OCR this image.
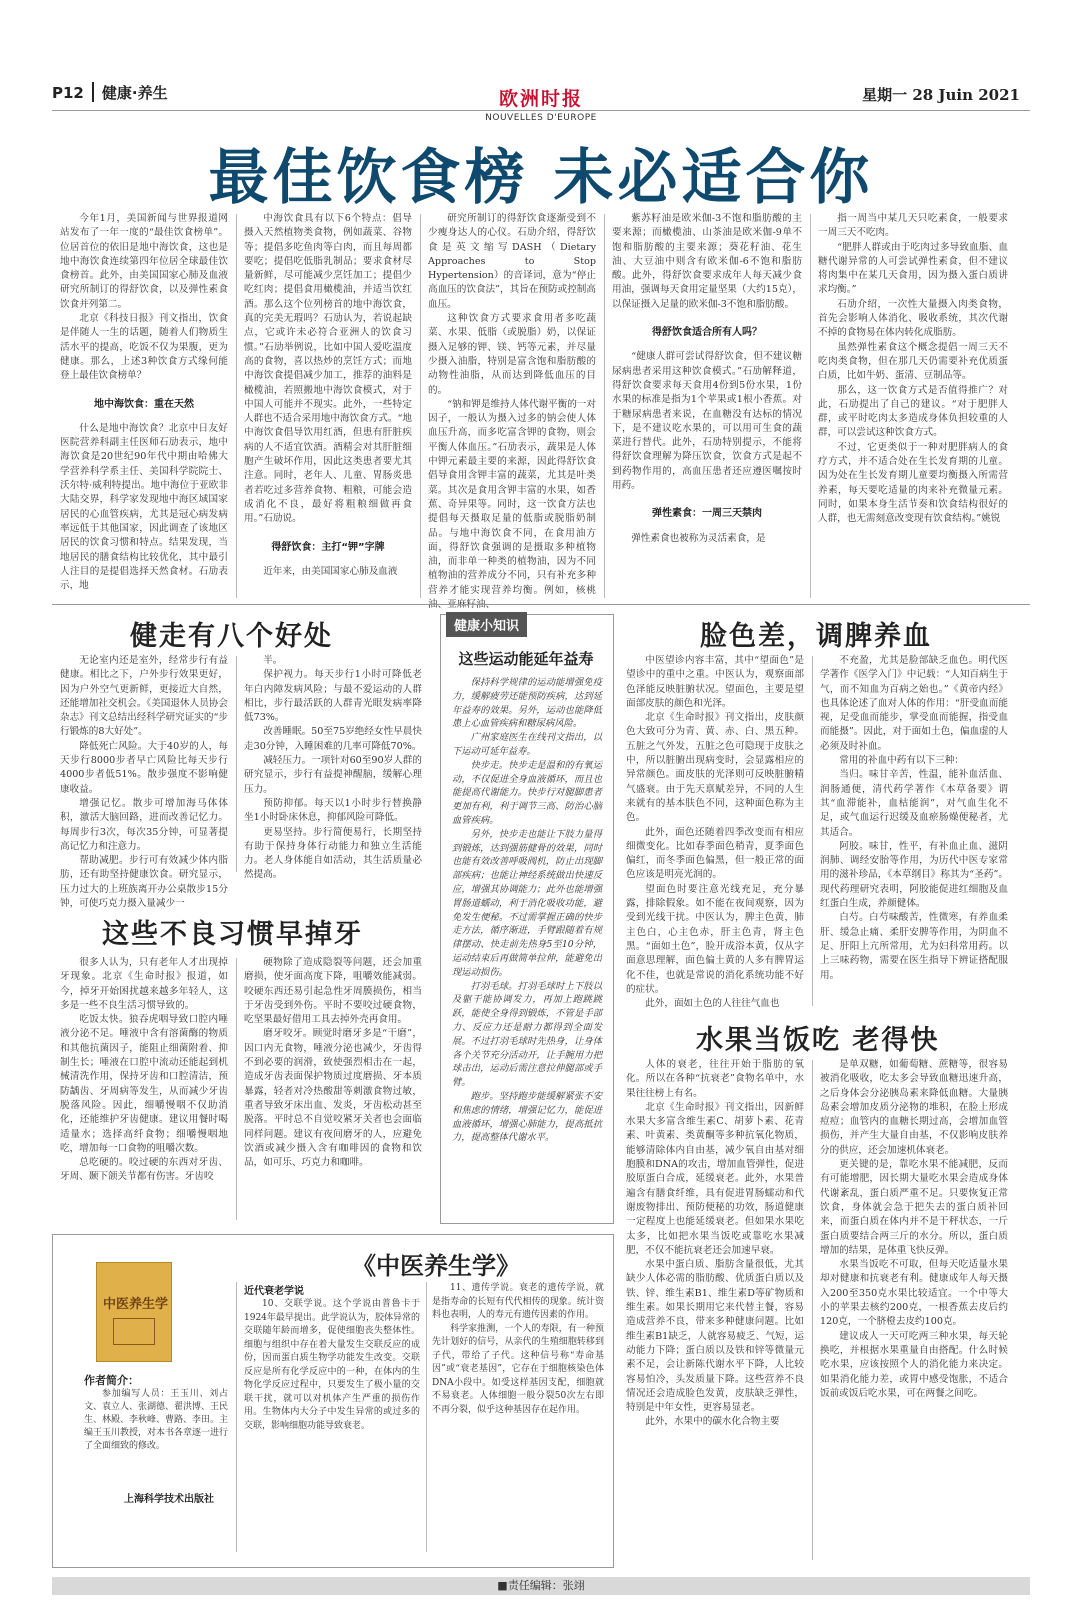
P12 健康·养生	欧洲时报
NOUVELLES D'EUROPE
星期一 28 Juin 2021
最佳饮食榜 未必适合你

今年1月，美国新闻与世界报道网站发布了一年一度的“最佳饮食榜单”。位居首位的依旧是地中海饮食，这也是地中海饮食连续第四年位居全球最佳饮食榜首。此外，由美国国家心肺及血液研究所制订的得舒饮食，以及弹性素食饮食并列第二。

北京《科技日报》刊文指出，饮食是伴随人一生的话题，随着人们物质生活水平的提高，吃饭不仅为果腹，更为健康。那么，上述3种饮食方式缘何能登上最佳饮食榜单？

地中海饮食：重在天然

什么是地中海饮食？北京中日友好医院营养科副主任医师石劢表示，地中海饮食是20世纪90年代中期由哈佛大学营养科学系主任、美国科学院院士、沃尔特·威利特提出。地中海位于亚欧非大陆交界，科学家发现地中海区域国家居民的心血管疾病，尤其是冠心病发病率远低于其他国家，因此调查了该地区居民的饮食习惯和特点。结果发现，当地居民的膳食结构比较优化，其中最引人注目的是提倡选择天然食材。石劢表示，地

中海饮食具有以下6个特点：倡导摄入天然植物类食物，例如蔬菜、谷物等；提倡多吃鱼肉等白肉，而且每周都要吃；提倡吃低脂乳制品；要求食材尽量新鲜，尽可能减少烹饪加工；提倡少吃红肉；提倡食用橄榄油，并适当饮红酒。那么这个位列榜首的地中海饮食，真的完美无瑕吗？石劢认为，若说起缺点，它或许未必符合亚洲人的饮食习惯。”石劢举例说，比如中国人爱吃温度高的食物，喜以热炒的烹饪方式；而地中海饮食提倡减少加工，推荐的油料是橄榄油，若照搬地中海饮食模式，对于中国人可能并不现实。此外，一些特定人群也不适合采用地中海饮食方式。“地中海饮食倡导饮用红酒，但患有肝脏疾病的人不适宜饮酒。酒精会对其肝脏细胞产生破坏作用，因此这类患者要尤其注意。同时，老年人、儿童、胃肠炎患者若吃过多营养食物、粗粮，可能会造成消化不良，最好将粗粮细做再食用。”石劢说。

得舒饮食：主打“钾”字牌

近年来，由美国国家心肺及血液

研究所制订的得舒饮食逐渐受到不少瘦身达人的心仪。石劢介绍，得舒饮食是英文缩写DASH（Dietary Approaches to Stop Hypertension）的音译词，意为“停止高血压的饮食法”，其旨在预防或控制高血压。

这种饮食方式要求食用者多吃蔬菜、水果、低脂（或脱脂）奶，以保证摄入足够的钾、镁、钙等元素，并尽量少摄入油脂，特别是富含饱和脂肪酸的动物性油脂，从而达到降低血压的目的。

“钠和钾是维持人体代谢平衡的一对因子，一般认为摄入过多的钠会使人体血压升高，而多吃富含钾的食物，则会平衡人体血压。”石劢表示，蔬果是人体中钾元素最主要的来源，因此得舒饮食倡导食用含钾丰富的蔬菜，尤其是叶类菜。其次是食用含钾丰富的水果，如香蕉、奇异果等。同时，这一饮食方法也提倡每天摄取足量的低脂或脱脂奶制品。与地中海饮食不同，在食用油方面，得舒饮食强调的是摄取多种植物油，而非单一种类的植物油，因为不同植物油的营养成分不同，只有补充多种营养才能实现营养均衡。例如，核桃

紫苏籽油是欧米伽-3不饱和脂肪酸的主要来源；而橄榄油、山茶油是欧米伽-9单不饱和脂肪酸的主要来源；葵花籽油、花生油、大豆油中则含有欧米伽-6不饱和脂肪酸。此外，得舒饮食要求成年人每天减少食用油，强调每天食用定量坚果（大约15克），以保证摄入足量的欧米伽-3不饱和脂肪酸。

得舒饮食适合所有人吗？

“健康人群可尝试得舒饮食，但不建议糖尿病患者采用这种饮食模式。”石劢解释道，得舒饮食要求每天食用4份到5份水果，1份水果的标准是指为1个苹果或1根小香蕉。对于糖尿病患者来说，在血糖没有达标的情况下，是不建议吃水果的，可以用可生食的蔬菜进行替代。此外，石劢特别提示，不能将得舒饮食理解为降压饮食，饮食方式是起不到药物作用的，高血压患者还应遵医嘱按时用药。

弹性素食：一周三天禁肉

弹性素食也被称为灵活素食，是

指一周当中某几天只吃素食，一般要求一周三天不吃肉。

“肥胖人群或由于吃肉过多导致血脂、血糖代谢异常的人可尝试弹性素食，但不建议将肉集中在某几天食用，因为摄入蛋白质讲求均衡。”

石劢介绍，一次性大量摄入肉类食物，首先会影响人体消化、吸收系统，其次代谢不掉的食物易在体内转化成脂肪。

虽然弹性素食这个概念提倡一周三天不吃肉类食物，但在那几天仍需要补充优质蛋白质，比如牛奶、蛋清、豆制品等。

那么，这一饮食方式是否值得推广？对此，石劢提出了自己的建议。“对于肥胖人群，或平时吃肉太多造成身体负担较重的人群，可以尝试这种饮食方式。

不过，它更类似于一种对肥胖病人的食疗方式，并不适合处在生长发育期的儿童。因为处在生长发育期儿童要均衡摄入所需营养素，每天要吃适量的肉来补充微量元素。同时，如果本身生活节奏和饮食结构很好的人群，也无需刻意改变现有饮食结构。”姚锐

健走有八个好处

无论室内还是室外，经常步行有益健康。相比之下，户外步行效果更好，因为户外空气更新鲜，更接近大自然，还能增加社交机会。《美国退休人员协会杂志》刊文总结出经科学研究证实的“步行锻炼的8大好处”。

降低死亡风险。大于40岁的人，每天步行8000步者早亡风险比每天步行4000步者低51%。散步强度不影响健康收益。

增强记忆。散步可增加海马体体积，激活大脑回路，进而改善记忆力。每周步行3次，每次35分钟，可显著提高记忆力和注意力。

帮助减肥。步行可有效减少体内脂肪，还有助坚持健康饮食。研究显示，压力过大的上班族离开办公桌散步15分钟，可使巧克力摄入量减少一

半。

保护视力。每天步行1小时可降低老年白内障发病风险；与最不爱运动的人群相比，步行最活跃的人群青光眼发病率降低73%。

改善睡眠。50至75岁绝经女性早晨快走30分钟，入睡困难的几率可降低70%。

减轻压力。一项针对60至90岁人群的研究显示，步行有益提神醒脑，缓解心理压力。

预防抑郁。每天以1小时步行替换静坐1小时卧床休息，抑郁风险可降低。

更易坚持。步行简便易行，长期坚持有助于保持身体行动能力和独立生活能力。老人身体能自如活动，其生活质量必然提高。

这些不良习惯早掉牙

很多人认为，只有老年人才出现掉牙现象。北京《生命时报》报道，如今，掉牙开始困扰越来越多年轻人，这多是一些不良生活习惯导致的。

吃饭太快。狼吞虎咽导致口腔内唾液分泌不足。唾液中含有溶菌酶的物质和其他抗菌因子，能阻止细菌附着、抑制生长；唾液在口腔中流动还能起到机械清洗作用，保持牙齿和口腔清洁，预防龋齿、牙周病等发生，从而减少牙齿脱落风险。因此，细嚼慢咽不仅助消化，还能维护牙齿健康。建议用餐时喝适量水；选择高纤食物；细嚼慢咽地吃，增加每一口食物的咀嚼次数。

总吃硬的。咬过硬的东西对牙齿、牙周、颞下颌关节都有伤害。牙齿咬

硬物除了造成隐裂等问题，还会加重磨损，使牙面高度下降，咀嚼效能减弱。咬硬东西还易引起急性牙周膜损伤，相当于牙齿受到外伤。平时不要咬过硬食物，吃坚果最好借用工具去掉外壳再食用。

磨牙咬牙。顾觉时磨牙多是“干磨”，因口内无食物，唾液分泌也减少，牙齿得不到必要的润滑，致使强烈相击在一起，造成牙齿表面保护物质过度磨损、牙本质暴露，轻者对冷热酸甜等刺激食物过敏，重者导致牙床出血、发炎，牙齿松动甚至脱落。平时总不自觉咬紧牙关者也会面临同样问题。建议有夜间磨牙的人，应避免饮酒或减少摄入含有咖啡因的食物和饮品，如可乐、巧克力和咖啡。

健康小知识
这些运动能延年益寿

保持科学规律的运动能增强免疫力，缓解疲劳还能预防疾病，达到延年益寿的效果。另外，运动也能降低患上心血管疾病和糖尿病风险。

广州家庭医生在线刊文指出，以下运动可延年益寿。

快步走。快步走是温和的有氧运动，不仅促进全身血液循环，而且也能提高代谢能力。快步行对腿脚患者更加有利，利于调节三高、防治心脑血管疾病。

另外，快步走也能让下肢力量得到锻炼，达到强筋健骨的效果，同时也能有效改善呼吸阀机，防止出现脚部疾病；也能让神经系统做出快速反应，增强其协调能力；此外也能增强胃肠道蠕动，利于消化吸收功能，避免发生便秘。不过需掌握正确的快步走方法，循序渐进，手臂跟随着有规律摆动、快走前先热身5至10分钟，运动结束后再做简单拉伸，能避免出现运动损伤。

打羽毛球。打羽毛球时上下肢以及躯干能协调发力，再加上跑跳跳跃，能使全身得到锻炼，不管是手部力、反应力还是耐力都得到全面发展。不过打羽毛球时先热身，让身体各个关节充分活动开，让手腕用力把球击出，运动后需注意拉伸腿部或手臂。

跑步。坚持跑步能缓解紧张不安和焦虑的情绪，增强记忆力，能促进血液循环，增强心肺能力，提高抵抗力，提高整体代谢水平。

脸色差，调脾养血

中医望诊内容丰富，其中“望面色”是望诊中的重中之重。中医认为，观察面部色泽能反映脏腑状况。望面色，主要是望面部皮肤的颜色和光泽。

北京《生命时报》刊文指出，皮肤颜色大致可分为青、黄、赤、白、黑五种。五脏之气外发，五脏之色可隐现于皮肤之中，所以脏腑出现病变时，会显露相应的异常颜色。面皮肤的光泽则可反映脏腑精气盛衰。由于先天禀赋差异，不同的人生来就有的基本肤色不同，这种面色称为主色。

此外，面色还随着四季改变而有相应细微变化。比如春季面色稍青，夏季面色偏红，而冬季面色偏黑，但一般正常的面色应该是明亮光润的。

望面色时要注意光线充足，充分暴露，排除假象。如不能在夜间观察，因为受到光线干扰。中医认为，脾主色黄，肺主色白，心主色赤，肝主色青，肾主色黑。“面如土色”，脸开成浴本黄，仅从字面意思理解，面色偏土黄的人多有脾胃运化不佳，也就是常说的消化系统功能不好的症状。

此外，面如土色的人往往气血也

不充盈，尤其是脸部缺乏血色。明代医学著作《医学入门》中记载：“人知百病生于气，而不知血为百病之始也。”《黄帝内经》也具体论述了血对人体的作用：“肝受血而能视，足受血而能步，掌受血而能握，指受血而能摄”。因此，对于面如土色，偏血虚的人必须及时补血。

常用的补血中药有以下三种：

当归。味甘辛苦，性温，能补血活血、润肠通便，清代药学著作《本草备要》谓其“血滞能补，血枯能润”，对气血生化不足，或气血运行迟缓及血瘀肠燥便秘者，尤其适合。

阿胶。味甘，性平，有补血止血、滋阴润肺、调经安胎等作用，为历代中医专家常用的滋补珍品，《本草纲目》称其为“圣药”。现代药理研究表明，阿胶能促进红细胞及血红蛋白生成，养颜健体。

白芍。白芍味酸苦，性微寒，有养血柔肝、缓急止痛、柔肝安脾等作用，为阴血不足、肝阳上亢所常用，尤为妇科常用药。以上三味药物，需要在医生指导下辨证搭配服用。

水果当饭吃 老得快

人体的衰老，往往开始于脂肪的氧化。所以在各种“抗衰老”食物名单中，水果往往榜上有名。

北京《生命时报》刊文指出，因新鲜水果大多富含维生素C、胡萝卜素、花青素、叶黄素、类黄酮等多种抗氧化物质，能够清除体内自由基，减少氧自由基对细胞膜和DNA的攻击，增加血管弹性，促进胶原蛋白合成，延缓衰老。此外，水果普遍含有膳食纤维，具有促进胃肠蠕动和代谢废物排出、预防便秘的功效，肠道健康一定程度上也能延缓衰老。但如果水果吃太多，比如把水果当饭吃或靠吃水果减肥，不仅不能抗衰老还会加速早衰。

水果中蛋白质、脂肪含量很低，尤其缺少人体必需的脂肪酸、优质蛋白质以及铁、锌、维生素B1、维生素D等矿物质和维生素。如果长期用它来代替主餐，容易造成营养不良，带来多种健康问题。比如维生素B1缺乏，人就容易疲乏、气短，运动能力下降；蛋白质以及铁和锌等微量元素不足，会让新陈代谢水平下降，人比较容易怕冷，头发质量下降。这些营养不良情况还会造成脸色发黄，皮肤缺乏弹性，特别是中年女性，更容易显老。

此外，水果中的碳水化合物主要

是单双糖，如葡萄糖、蔗糖等，很容易被消化吸收，吃太多会导致血糖迅速升高，之后身体会分泌胰岛素来降低血糖。大量胰岛素会增加皮质分泌物的堆积，在脸上形成痘痘；血管内的血糖长期过高，会增加血管损伤，并产生大量自由基，不仅影响皮肤养分的供应，还会加速机体衰老。

更关键的是，靠吃水果不能减肥，反而有可能增肥，因长期大量吃水果会造成身体代谢紊乱，蛋白质严重不足。只要恢复正常饮食，身体就会急于把失去的蛋白质补回来，而蛋白质在体内并不是干秤状态，一斤蛋白质要结合两三斤的水分。所以，蛋白质增加的结果，是体重飞快反弹。

水果当饭吃不可取，但每天吃适量水果却对健康和抗衰老有利。健康成年人每天摄入200至350克水果比较适宜。一个中等大小的苹果去核约200克，一根香蕉去皮后约120克，一个脐橙去皮约100克。

建议成人一天可吃两三种水果，每天轮换吃，并根据水果重量自由搭配。什么时候吃水果，应该按照个人的消化能力来决定。如果消化能力差，或胃中感受饱胀，不适合饭前或饭后吃水果，可在两餐之间吃。

《中医养生学》
中医养生学
作者简介：

参加编写人员：王玉川、刘占文、袁立人、张湖德、翟洪博、王民生、林殿、李秋峰、曹路、李田。主编王玉川教授，对本书各章逐一进行了全面细致的修改。

上海科学技术出版社
近代衰老学说

10、交联学说。这个学说由普鲁卡于1924年最早提出。此学说认为，胶体异常的交联随年龄而增多，促使细胞丧失整体性。细胞与组织中存在着大量发生交联反应的成份，因而蛋白质生物学功能发生改变。交联反应是所有化学反应中的一种，在体内的生物化学反应过程中，只要发生了极小量的交联干扰，就可以对机体产生严重的损伤作用。生物体内大分子中发生异常的或过多的交联，影响细胞功能导致衰老。

11、遗传学说。衰老的遗传学说，就是指寿命的长短有代代相传的现象。统计资料也表明，人的寿元有遗传因素的作用。

科学家推测，一个人的寿限，有一种预先计划好的信号，从亲代的生殖细胞转移到子代，带给了子代。这种信号称“寿命基因”或“衰老基因”，它存在于细胞核染色体DNA小段中。如受这样基因支配，细胞就不易衰老。人体细胞一般分裂50次左右即不再分裂，似乎这种基因存在起作用。

■责任编辑：张翊
